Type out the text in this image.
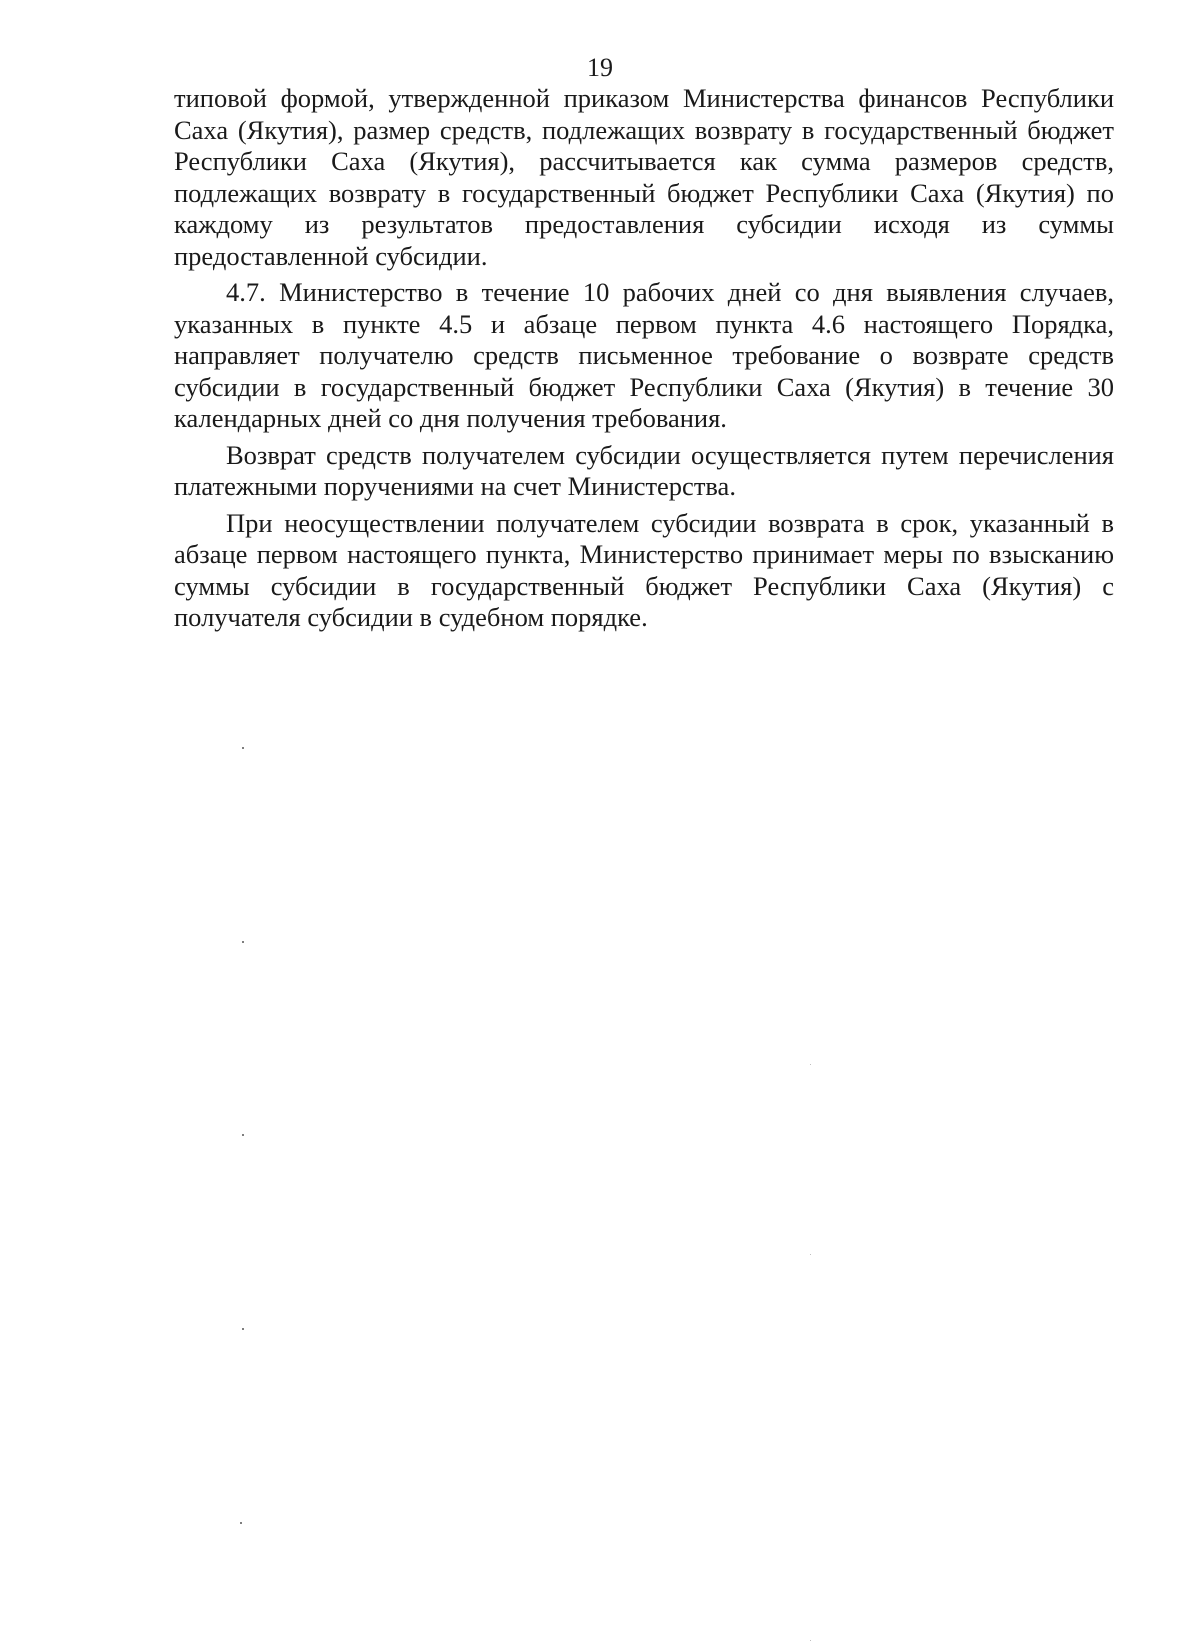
19

типовой формой, утвержденной приказом Министерства финансов Республики Саха (Якутия), размер средств, подлежащих возврату в государственный бюджет Республики Саха (Якутия), рассчитывается как сумма размеров средств, подлежащих возврату в государственный бюджет Республики Саха (Якутия) по каждому из результатов предоставления субсидии исходя из суммы предоставленной субсидии.

4.7. Министерство в течение 10 рабочих дней со дня выявления случаев, указанных в пункте 4.5 и абзаце первом пункта 4.6 настоящего Порядка, направляет получателю средств письменное требование о возврате средств субсидии в государственный бюджет Республики Саха (Якутия) в течение 30 календарных дней со дня получения требования.

Возврат средств получателем субсидии осуществляется путем перечисления платежными поручениями на счет Министерства.

При неосуществлении получателем субсидии возврата в срок, указанный в абзаце первом настоящего пункта, Министерство принимает меры по взысканию суммы субсидии в государственный бюджет Республики Саха (Якутия) с получателя субсидии в судебном порядке.
